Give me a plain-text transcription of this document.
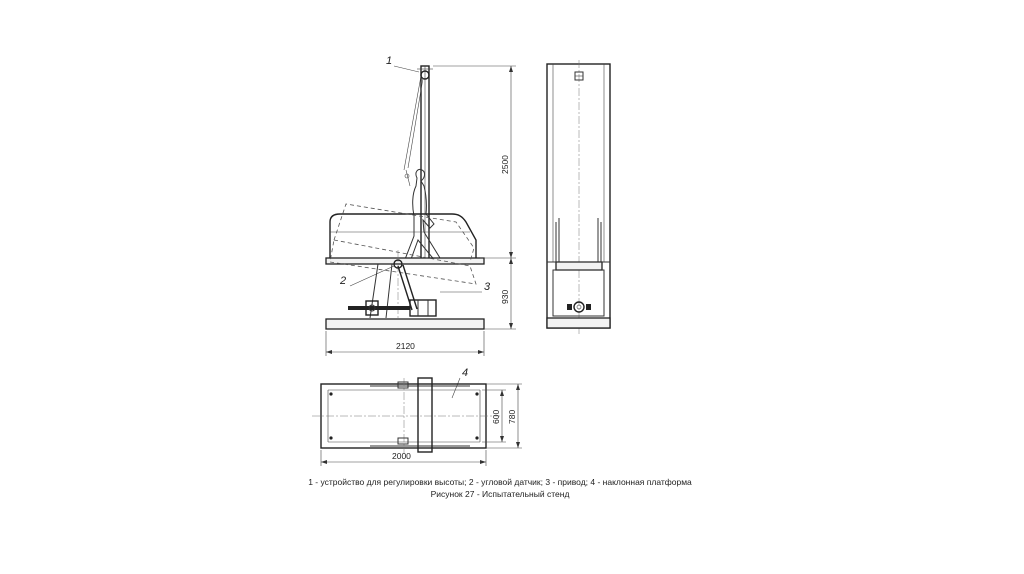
1
2	3
4
2500
930
2120
600 780
2000
1 - устройство для регулировки высоты; 2 - угловой датчик; 3 - привод; 4 - наклонная платформа
Рисунок 27 - Испытательный стенд
